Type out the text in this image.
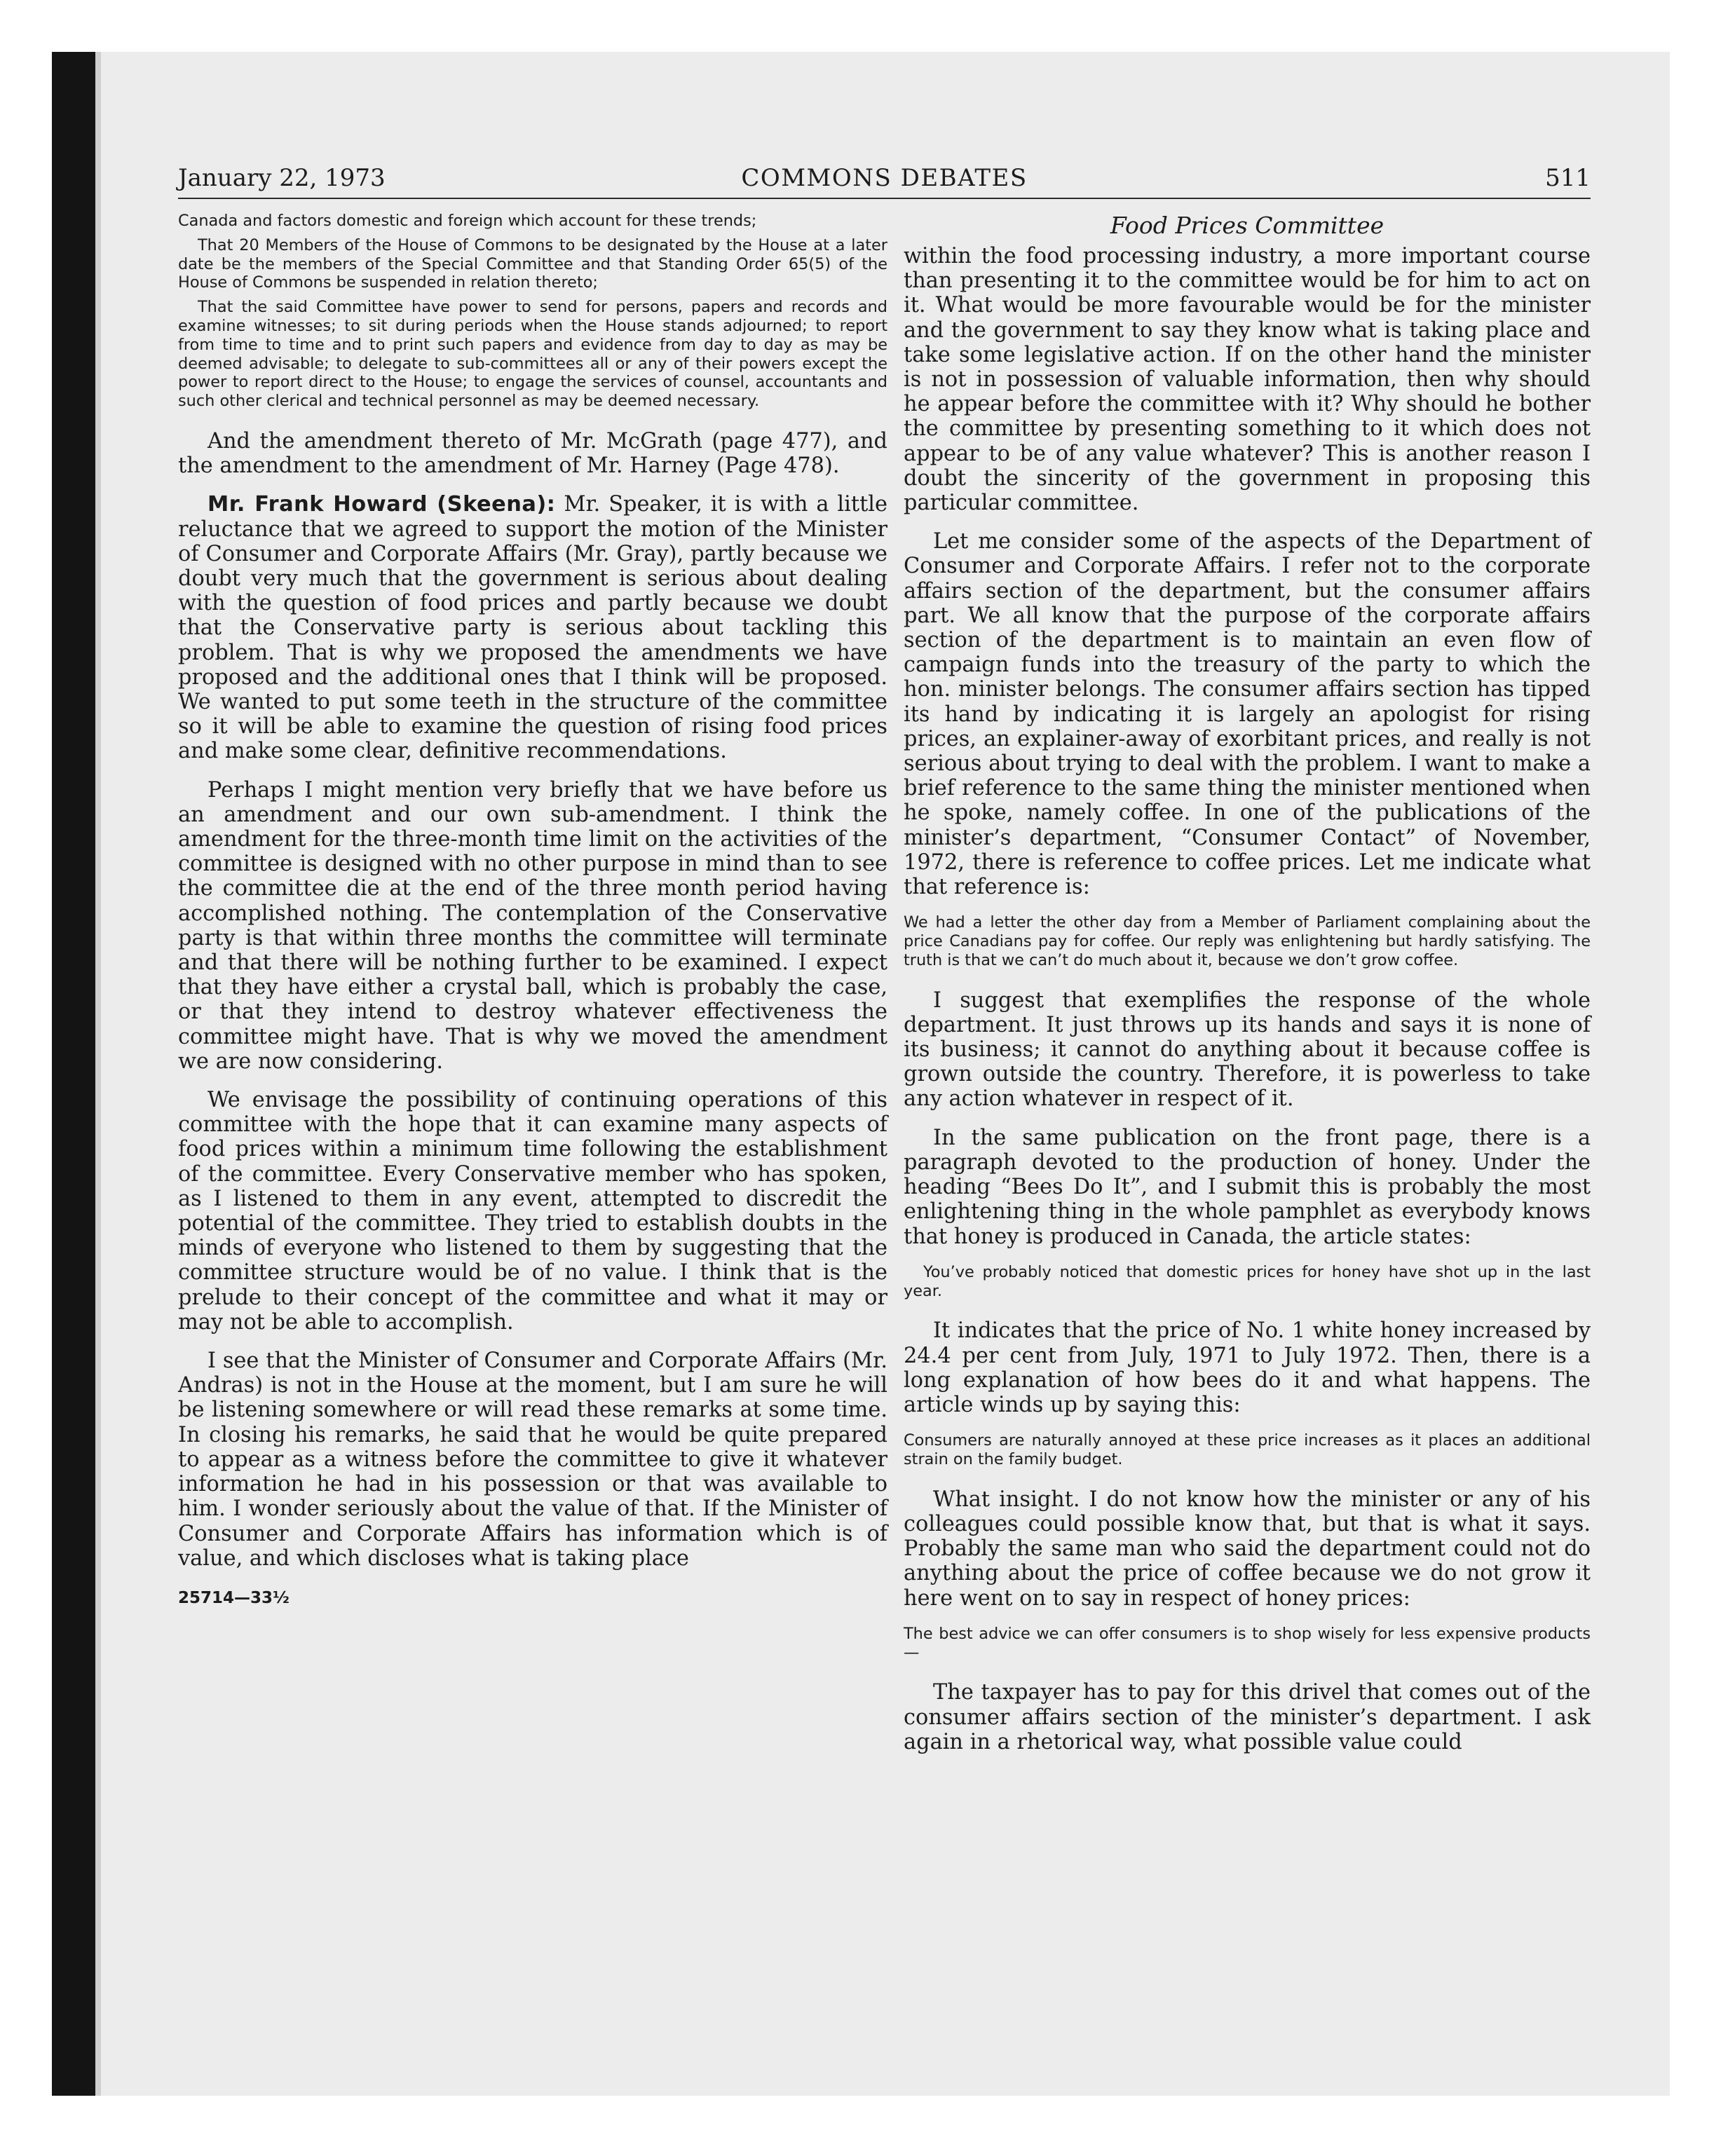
January 22, 1973	COMMONS DEBATES	511

Canada and factors domestic and foreign which account for these trends;

That 20 Members of the House of Commons to be designated by the House at a later date be the members of the Special Committee and that Standing Order 65(5) of the House of Commons be suspended in relation thereto;

That the said Committee have power to send for persons, papers and records and examine witnesses; to sit during periods when the House stands adjourned; to report from time to time and to print such papers and evidence from day to day as may be deemed advisable; to delegate to sub-committees all or any of their powers except the power to report direct to the House; to engage the services of counsel, accountants and such other clerical and technical personnel as may be deemed necessary.

And the amendment thereto of Mr. McGrath (page 477), and the amendment to the amendment of Mr. Harney (Page 478).

Mr. Frank Howard (Skeena): Mr. Speaker, it is with a little reluctance that we agreed to support the motion of the Minister of Consumer and Corporate Affairs (Mr. Gray), partly because we doubt very much that the government is serious about dealing with the question of food prices and partly because we doubt that the Conservative party is serious about tackling this problem. That is why we proposed the amendments we have proposed and the additional ones that I think will be proposed. We wanted to put some teeth in the structure of the committee so it will be able to examine the question of rising food prices and make some clear, definitive recommendations.

Perhaps I might mention very briefly that we have before us an amendment and our own sub-amendment. I think the amendment for the three-month time limit on the activities of the committee is designed with no other purpose in mind than to see the committee die at the end of the three month period having accomplished nothing. The contemplation of the Conservative party is that within three months the committee will terminate and that there will be nothing further to be examined. I expect that they have either a crystal ball, which is probably the case, or that they intend to destroy whatever effectiveness the committee might have. That is why we moved the amendment we are now considering.

We envisage the possibility of continuing operations of this committee with the hope that it can examine many aspects of food prices within a minimum time following the establishment of the committee. Every Conservative member who has spoken, as I listened to them in any event, attempted to discredit the potential of the committee. They tried to establish doubts in the minds of everyone who listened to them by suggesting that the committee structure would be of no value. I think that is the prelude to their concept of the committee and what it may or may not be able to accomplish.

I see that the Minister of Consumer and Corporate Affairs (Mr. Andras) is not in the House at the moment, but I am sure he will be listening somewhere or will read these remarks at some time. In closing his remarks, he said that he would be quite prepared to appear as a witness before the committee to give it whatever information he had in his possession or that was available to him. I wonder seriously about the value of that. If the Minister of Consumer and Corporate Affairs has information which is of value, and which discloses what is taking place

25714—33½
Food Prices Committee

within the food processing industry, a more important course than presenting it to the committee would be for him to act on it. What would be more favourable would be for the minister and the government to say they know what is taking place and take some legislative action. If on the other hand the minister is not in possession of valuable information, then why should he appear before the committee with it? Why should he bother the committee by presenting something to it which does not appear to be of any value whatever? This is another reason I doubt the sincerity of the government in proposing this particular committee.

Let me consider some of the aspects of the Department of Consumer and Corporate Affairs. I refer not to the corporate affairs section of the department, but the consumer affairs part. We all know that the purpose of the corporate affairs section of the department is to maintain an even flow of campaign funds into the treasury of the party to which the hon. minister belongs. The consumer affairs section has tipped its hand by indicating it is largely an apologist for rising prices, an explainer-away of exorbitant prices, and really is not serious about trying to deal with the problem. I want to make a brief reference to the same thing the minister mentioned when he spoke, namely coffee. In one of the publications of the minister’s department, “Consumer Contact” of November, 1972, there is reference to coffee prices. Let me indicate what that reference is:

We had a letter the other day from a Member of Parliament complaining about the price Canadians pay for coffee. Our reply was enlightening but hardly satisfying. The truth is that we can’t do much about it, because we don’t grow coffee.

I suggest that exemplifies the response of the whole department. It just throws up its hands and says it is none of its business; it cannot do anything about it because coffee is grown outside the country. Therefore, it is powerless to take any action whatever in respect of it.

In the same publication on the front page, there is a paragraph devoted to the production of honey. Under the heading “Bees Do It”, and I submit this is probably the most enlightening thing in the whole pamphlet as everybody knows that honey is produced in Canada, the article states:

You’ve probably noticed that domestic prices for honey have shot up in the last year.

It indicates that the price of No. 1 white honey increased by 24.4 per cent from July, 1971 to July 1972. Then, there is a long explanation of how bees do it and what happens. The article winds up by saying this:

Consumers are naturally annoyed at these price increases as it places an additional strain on the family budget.

What insight. I do not know how the minister or any of his colleagues could possible know that, but that is what it says. Probably the same man who said the department could not do anything about the price of coffee because we do not grow it here went on to say in respect of honey prices:

The best advice we can offer consumers is to shop wisely for less expensive products—

The taxpayer has to pay for this drivel that comes out of the consumer affairs section of the minister’s department. I ask again in a rhetorical way, what possible value could
